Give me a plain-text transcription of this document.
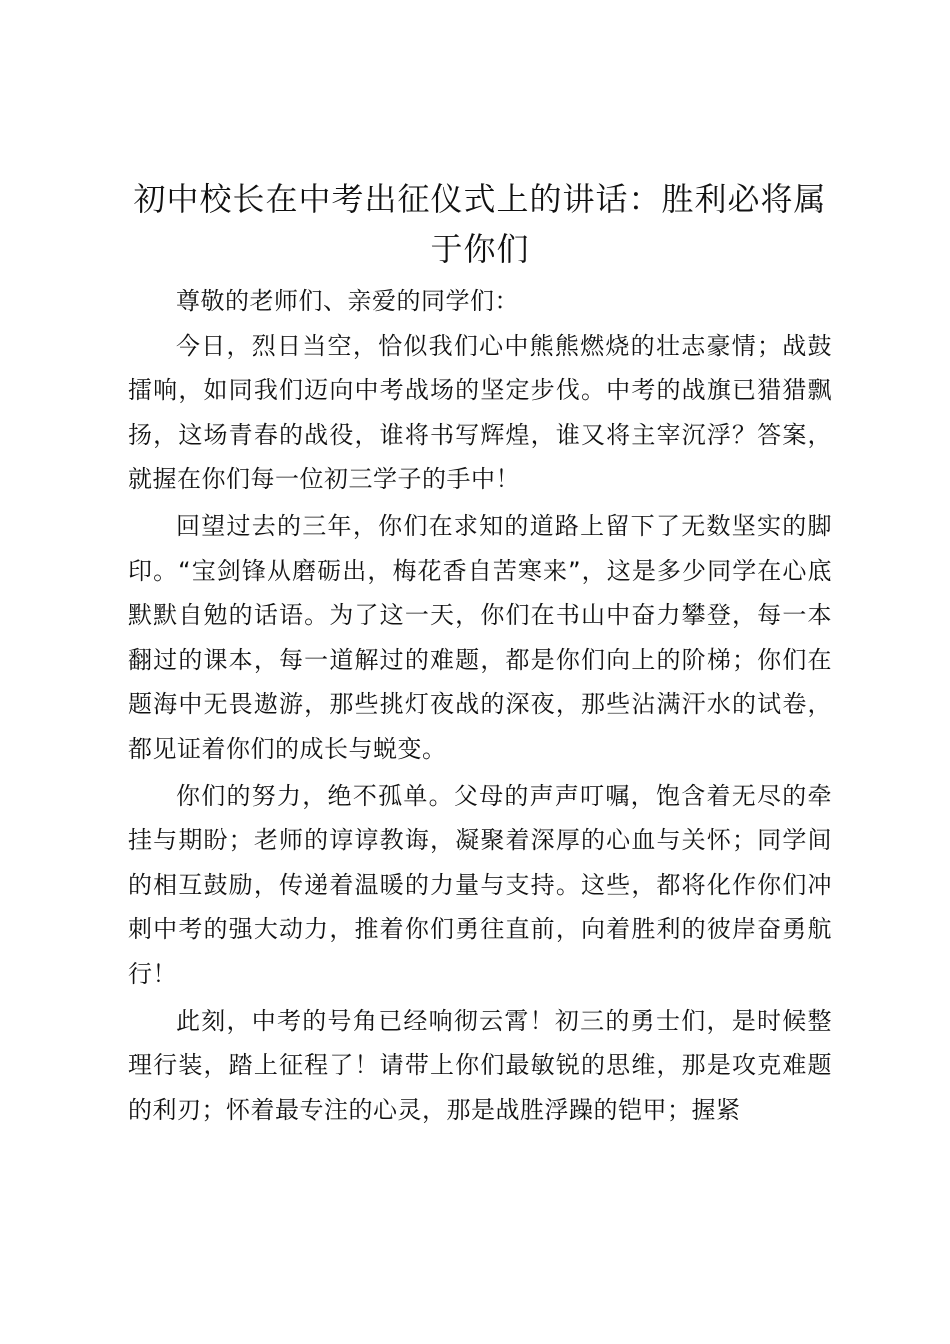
初中校长在中考出征仪式上的讲话：胜利必将属于你们

尊敬的老师们、亲爱的同学们：

今日，烈日当空，恰似我们心中熊熊燃烧的壮志豪情；战鼓擂响，如同我们迈向中考战场的坚定步伐。中考的战旗已猎猎飘扬，这场青春的战役，谁将书写辉煌，谁又将主宰沉浮？答案，就握在你们每一位初三学子的手中！

回望过去的三年，你们在求知的道路上留下了无数坚实的脚印。“宝剑锋从磨砺出，梅花香自苦寒来”，这是多少同学在心底默默自勉的话语。为了这一天，你们在书山中奋力攀登，每一本翻过的课本，每一道解过的难题，都是你们向上的阶梯；你们在题海中无畏遨游，那些挑灯夜战的深夜，那些沾满汗水的试卷，都见证着你们的成长与蜕变。

你们的努力，绝不孤单。父母的声声叮嘱，饱含着无尽的牵挂与期盼；老师的谆谆教诲，凝聚着深厚的心血与关怀；同学间的相互鼓励，传递着温暖的力量与支持。这些，都将化作你们冲刺中考的强大动力，推着你们勇往直前，向着胜利的彼岸奋勇航行！

此刻，中考的号角已经响彻云霄！初三的勇士们，是时候整理行装，踏上征程了！请带上你们最敏锐的思维，那是攻克难题的利刃；怀着最专注的心灵，那是战胜浮躁的铠甲；握紧
